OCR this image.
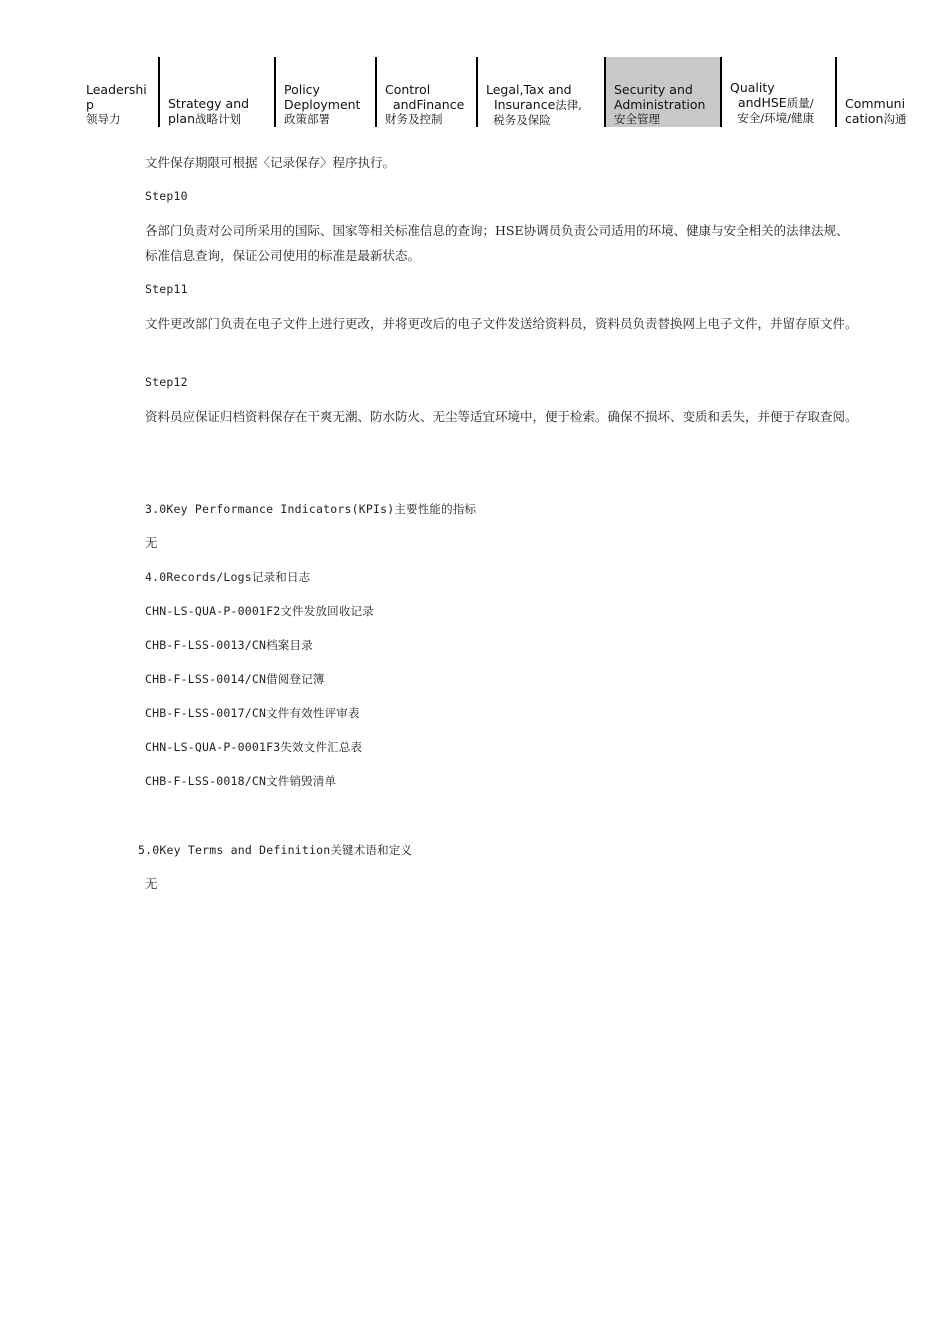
Leadershi
p
领导力
Strategy and
plan战略计划
Policy
Deployment
政策部署
Control
andFinance
财务及控制
Legal,Tax and
Insurance法律,
税务及保险
Security and
Administration
安全管理
Quality
andHSE质量/
安全/环境/健康
Communi
cation沟通
文件保存期限可根据〈记录保存〉程序执行。
Step10
各部门负责对公司所采用的国际、国家等相关标准信息的查询；HSE协调员负责公司适用的环境、健康与安全相关的法律法规、标准信息查询，保证公司使用的标准是最新状态。
Step11
文件更改部门负责在电子文件上进行更改，并将更改后的电子文件发送给资料员，资料员负责替换网上电子文件，并留存原文件。
Step12
资料员应保证归档资料保存在干爽无潮、防水防火、无尘等适宜环境中，便于检索。确保不损坏、变质和丢失，并便于存取查阅。
3.0Key Performance Indicators(KPIs)主要性能的指标
无
4.0Records/Logs记录和日志
CHN-LS-QUA-P-0001F2文件发放回收记录
CHB-F-LSS-0013/CN档案目录
CHB-F-LSS-0014/CN借阅登记簿
CHB-F-LSS-0017/CN文件有效性评审表
CHN-LS-QUA-P-0001F3失效文件汇总表
CHB-F-LSS-0018/CN文件销毁清单
5.0Key Terms and Definition关键术语和定义
无
